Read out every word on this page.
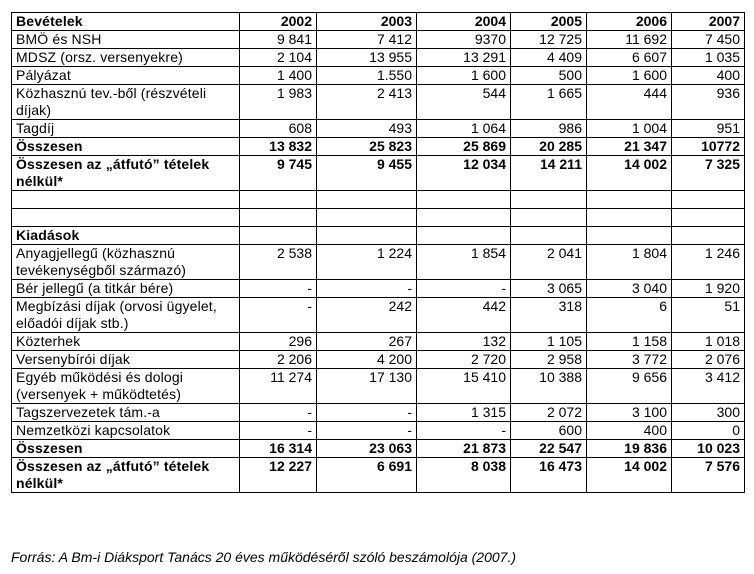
Bevételek	2002	2003	2004	2005	2006	2007
BMÖ és NSH	9 841	7 412	9370	12 725	11 692	7 450
MDSZ (orsz. versenyekre)	2 104	13 955	13 291	4 409	6 607	1 035
Pályázat	1 400	1.550	1 600	500	1 600	400
Közhasznú tev.-ből (részvételi díjak)	1 983	2 413	544	1 665	444	936
Tagdíj	608	493	1 064	986	1 004	951
Összesen	13 832	25 823	25 869	20 285	21 347	10772
Összesen az „átfutó” tételek nélkül*	9 745	9 455	12 034	14 211	14 002	7 325

Kiadások						
Anyagjellegű (közhasznú tevékenységből származó)	2 538	1 224	1 854	2 041	1 804	1 246
Bér jellegű (a titkár bére)	-	-	-	3 065	3 040	1 920
Megbízási díjak (orvosi ügyelet, előadói díjak stb.)	-	242	442	318	6	51
Közterhek	296	267	132	1 105	1 158	1 018
Versenybírói díjak	2 206	4 200	2 720	2 958	3 772	2 076
Egyéb működési és dologi (versenyek + működtetés)	11 274	17 130	15 410	10 388	9 656	3 412
Tagszervezetek tám.-a	-	-	1 315	2 072	3 100	300
Nemzetközi kapcsolatok	-	-	-	600	400	0
Összesen	16 314	23 063	21 873	22 547	19 836	10 023
Összesen az „átfutó” tételek nélkül*	12 227	6 691	8 038	16 473	14 002	7 576
Forrás: A Bm-i Diáksport Tanács 20 éves működéséről szóló beszámolója (2007.)
